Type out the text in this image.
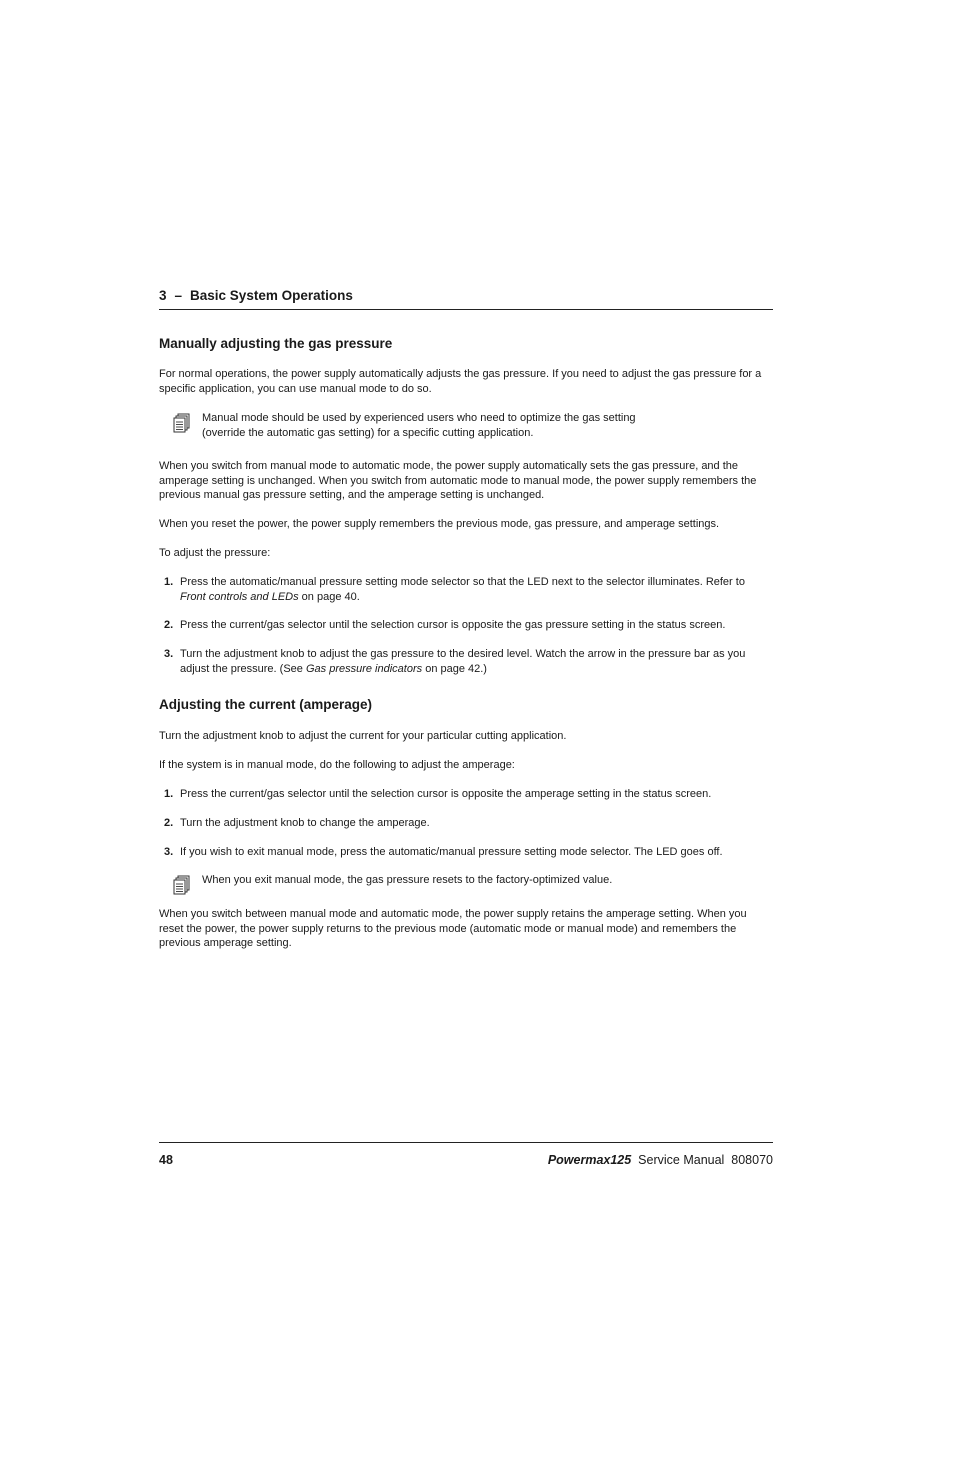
3 – Basic System Operations
Manually adjusting the gas pressure

For normal operations, the power supply automatically adjusts the gas pressure. If you need to adjust the gas pressure for a specific application, you can use manual mode to do so.

Manual mode should be used by experienced users who need to optimize the gas setting
(override the automatic gas setting) for a specific cutting application.

When you switch from manual mode to automatic mode, the power supply automatically sets the gas pressure, and the amperage setting is unchanged. When you switch from automatic mode to manual mode, the power supply remembers the previous manual gas pressure setting, and the amperage setting is unchanged.

When you reset the power, the power supply remembers the previous mode, gas pressure, and amperage settings.

To adjust the pressure:

1. Press the automatic/manual pressure setting mode selector so that the LED next to the selector illuminates. Refer to Front controls and LEDs on page 40.
2. Press the current/gas selector until the selection cursor is opposite the gas pressure setting in the status screen.
3. Turn the adjustment knob to adjust the gas pressure to the desired level. Watch the arrow in the pressure bar as you adjust the pressure. (See Gas pressure indicators on page 42.)
Adjusting the current (amperage)

Turn the adjustment knob to adjust the current for your particular cutting application.

If the system is in manual mode, do the following to adjust the amperage:

1. Press the current/gas selector until the selection cursor is opposite the amperage setting in the status screen.
2. Turn the adjustment knob to change the amperage.
3. If you wish to exit manual mode, press the automatic/manual pressure setting mode selector. The LED goes off.
When you exit manual mode, the gas pressure resets to the factory-optimized value.

When you switch between manual mode and automatic mode, the power supply retains the amperage setting. When you reset the power, the power supply returns to the previous mode (automatic mode or manual mode) and remembers the previous amperage setting.

48	Powermax125 Service Manual 808070
